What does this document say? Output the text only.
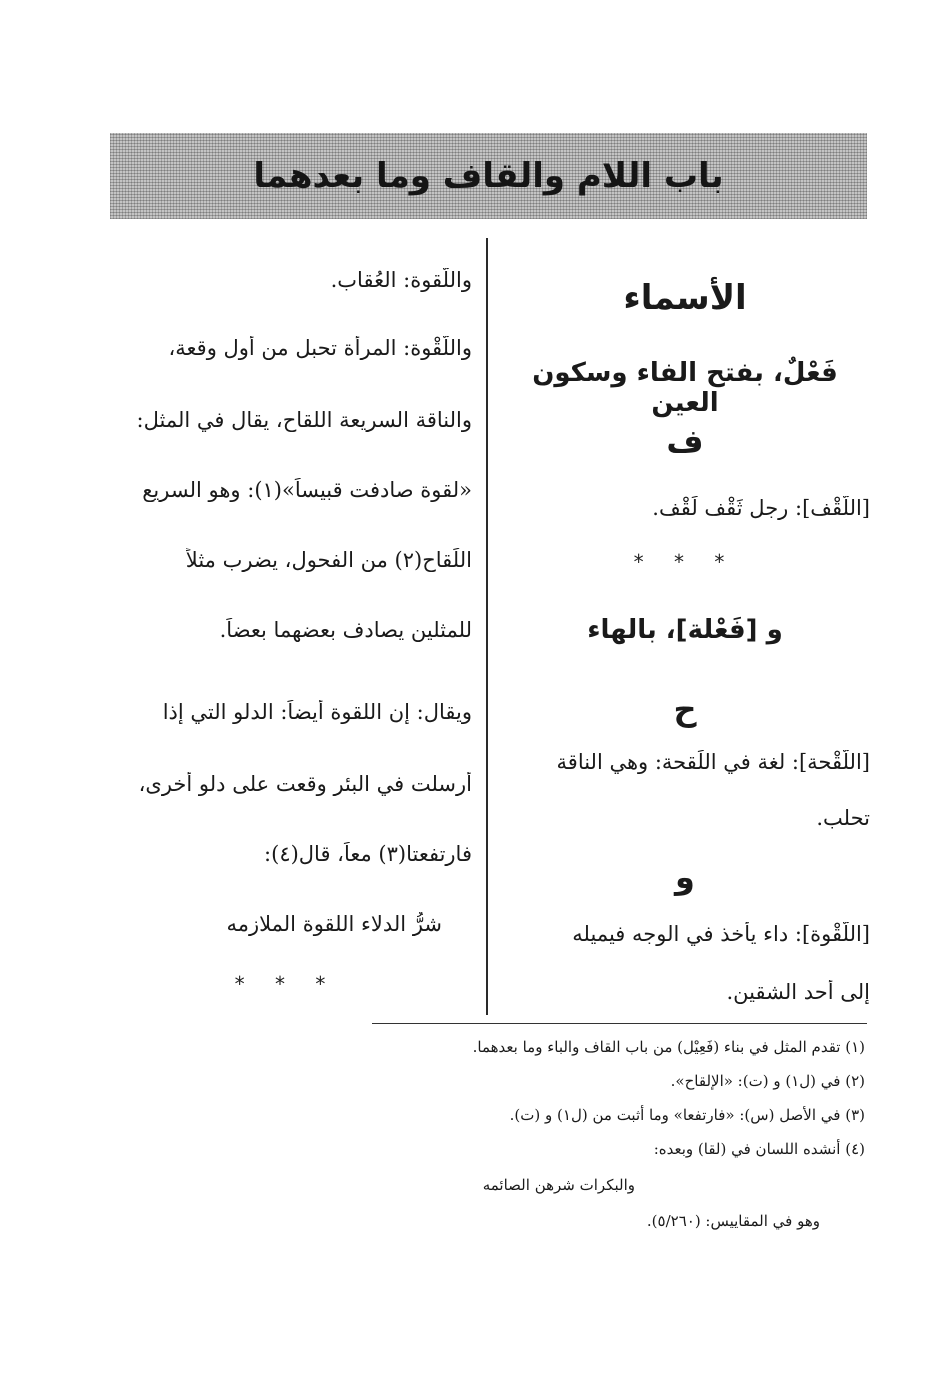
باب اللام والقاف وما بعدهما
الأسماء
فَعْلٌ، بفتح الفاء وسكون العين
ف
[اللَّقْف]: رجل ثَقْف لَقْف.
* * *
و [فَعْلة]، بالهاء
ح
[اللَّقْحة]: لغة في اللِّقحة: وهي الناقة
تحلب.
و
[اللَّقْوة]: داء يأخذ في الوجه فيميله
إلى أحد الشقين.
واللَّقوة: العُقاب.
واللَّقْوة: المرأة تحبل من أول وقعة،
والناقة السريعة اللقاح، يقال في المثل:
«لقوة صادفت قبيساً»(١): وهو السريع
اللِّقاح(٢) من الفحول، يضرب مثلاً
للمثلين يصادف بعضهما بعضاً.
ويقال: إن اللقوة أيضاً: الدلو التي إذا
أرسلت في البئر وقعت على دلو أخرى،
فارتفعتا(٣) معاً، قال(٤):
شرُّ الدلاء اللقوة الملازمه
* * *
(١) تقدم المثل في بناء (فَعِيْل) من باب القاف والباء وما بعدهما.
(٢) في (ل١) و (ت): «الإلقاح».
(٣) في الأصل (س): «فارتفعا» وما أثبت من (ل١) و (ت).
(٤) أنشده اللسان في (لقا) وبعده:
والبكرات شرهن الصائمه
وهو في المقاييس: (٥/٢٦٠).
